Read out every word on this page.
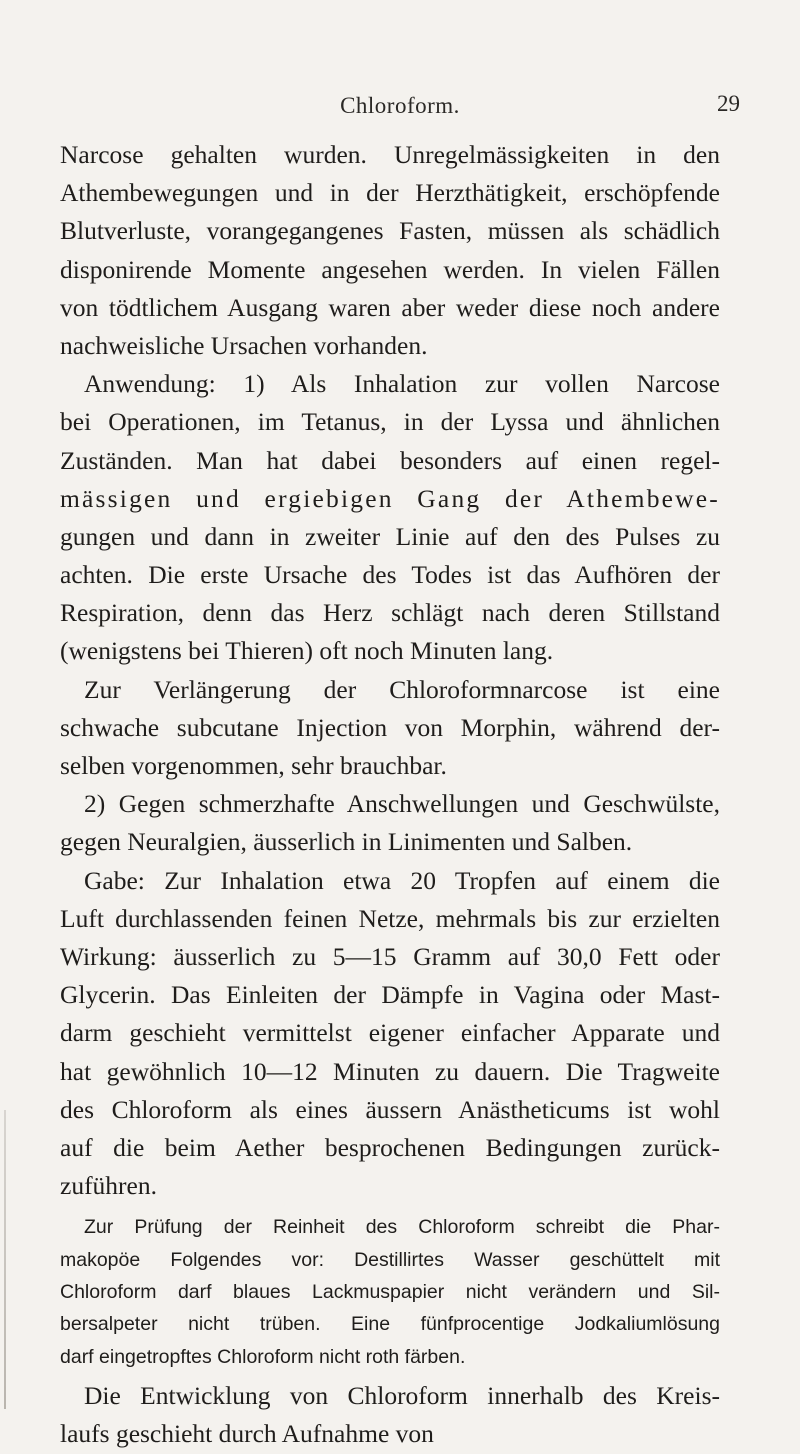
Chloroform.	29
Narcose gehalten wurden. Unregelmässigkeiten in den
Athembewegungen und in der Herzthätigkeit, erschöpfende
Blutverluste, vorangegangenes Fasten, müssen als schädlich
disponirende Momente angesehen werden. In vielen Fällen
von tödtlichem Ausgang waren aber weder diese noch andere
nachweisliche Ursachen vorhanden.
Anwendung: 1) Als Inhalation zur vollen Narcose
bei Operationen, im Tetanus, in der Lyssa und ähnlichen
Zuständen. Man hat dabei besonders auf einen regel-
mässigen und ergiebigen Gang der Athembewe-
gungen und dann in zweiter Linie auf den des Pulses zu
achten. Die erste Ursache des Todes ist das Aufhören der
Respiration, denn das Herz schlägt nach deren Stillstand
(wenigstens bei Thieren) oft noch Minuten lang.
Zur Verlängerung der Chloroformnarcose ist eine
schwache subcutane Injection von Morphin, während der-
selben vorgenommen, sehr brauchbar.
2) Gegen schmerzhafte Anschwellungen und Geschwülste,
gegen Neuralgien, äusserlich in Linimenten und Salben.
Gabe: Zur Inhalation etwa 20 Tropfen auf einem die
Luft durchlassenden feinen Netze, mehrmals bis zur erzielten
Wirkung: äusserlich zu 5—15 Gramm auf 30,0 Fett oder
Glycerin. Das Einleiten der Dämpfe in Vagina oder Mast-
darm geschieht vermittelst eigener einfacher Apparate und
hat gewöhnlich 10—12 Minuten zu dauern. Die Tragweite
des Chloroform als eines äussern Anästheticums ist wohl
auf die beim Aether besprochenen Bedingungen zurück-
zuführen.
Zur Prüfung der Reinheit des Chloroform schreibt die Phar-
makopöe Folgendes vor: Destillirtes Wasser geschüttelt mit
Chloroform darf blaues Lackmuspapier nicht verändern und Sil-
bersalpeter nicht trüben. Eine fünfprocentige Jodkaliumlösung
darf eingetropftes Chloroform nicht roth färben.
Die Entwicklung von Chloroform innerhalb des Kreis-
laufs geschieht durch Aufnahme von
